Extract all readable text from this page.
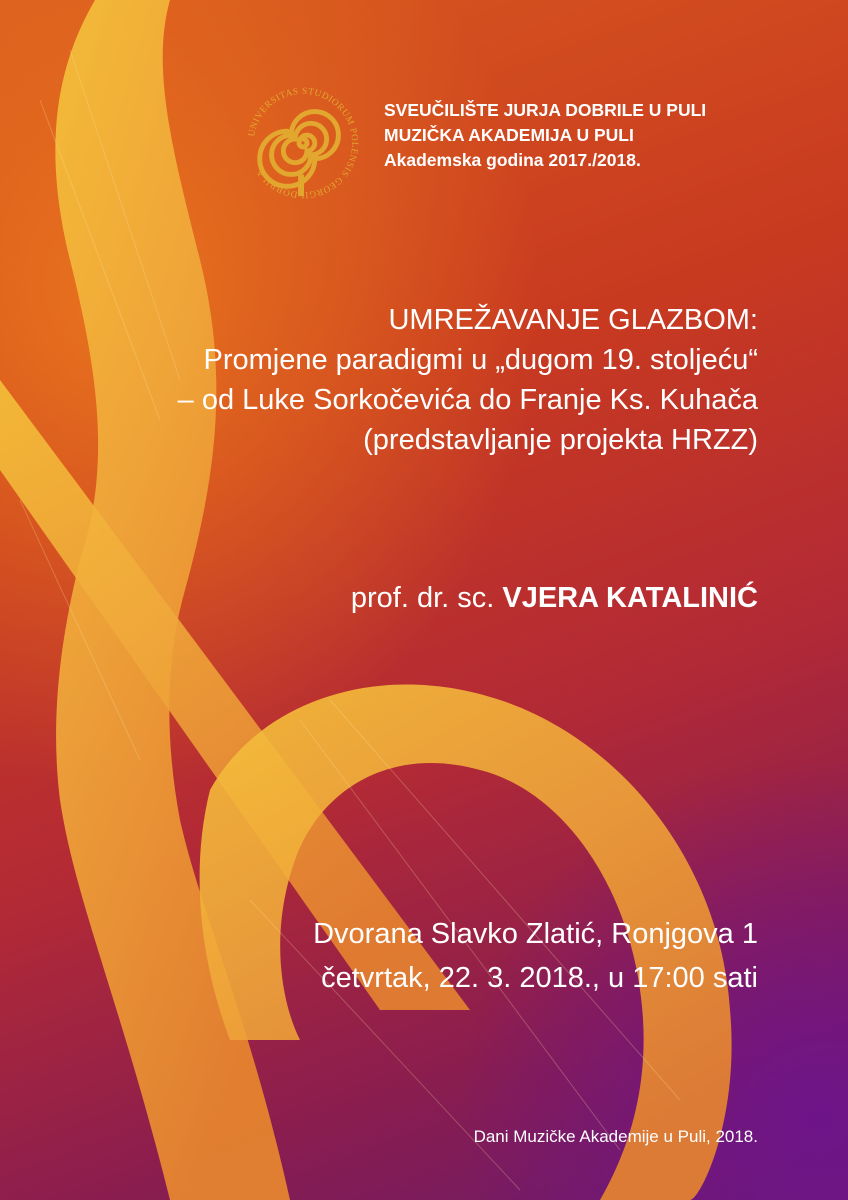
UNIVERSITAS STUDIORUM POLENSIS GEORGI DOBRILA
SVEUČILIŠTE JURJA DOBRILE U PULI
MUZIČKA AKADEMIJA U PULI
Akademska godina 2017./2018.
UMREŽAVANJE GLAZBOM:
Promjene paradigmi u „dugom 19. stoljeću“
– od Luke Sorkočevića do Franje Ks. Kuhača
(predstavljanje projekta HRZZ)
prof. dr. sc. VJERA KATALINIĆ
Dvorana Slavko Zlatić, Ronjgova 1
četvrtak, 22. 3. 2018., u 17:00 sati
Dani Muzičke Akademije u Puli, 2018.
